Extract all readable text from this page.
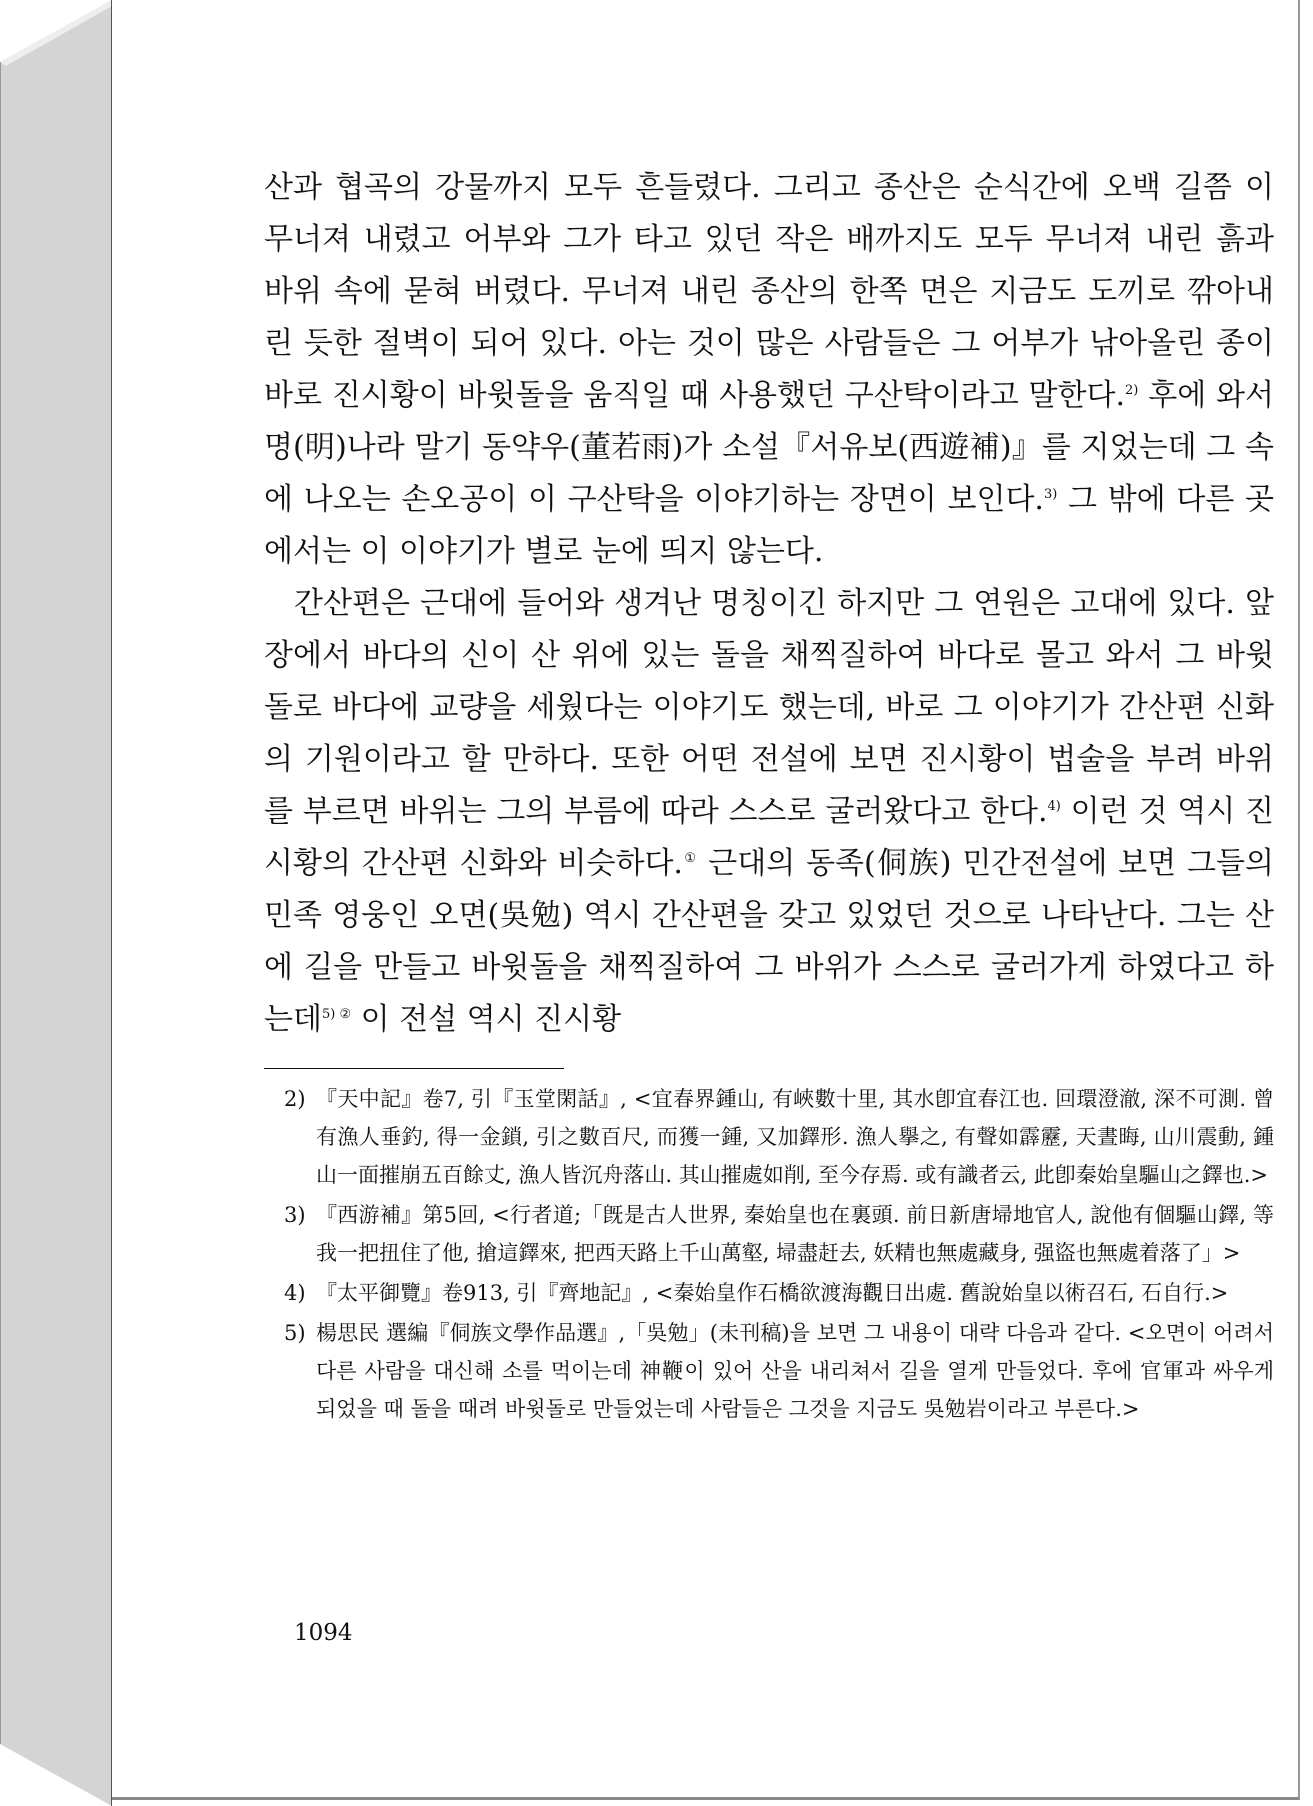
산과 협곡의 강물까지 모두 흔들렸다. 그리고 종산은 순식간에 오백 길쯤 이 무너져 내렸고 어부와 그가 타고 있던 작은 배까지도 모두 무너져 내린 흙과 바위 속에 묻혀 버렸다. 무너져 내린 종산의 한쪽 면은 지금도 도끼로 깎아내린 듯한 절벽이 되어 있다. 아는 것이 많은 사람들은 그 어부가 낚아올린 종이 바로 진시황이 바윗돌을 움직일 때 사용했던 구산탁이라고 말한다.$^{2)}$ 후에 와서 명(明)나라 말기 동약우(董若雨)가 소설『서유보(西遊補)』를 지었는데 그 속에 나오는 손오공이 이 구산탁을 이야기하는 장면이 보인다.$^{3)}$ 그 밖에 다른 곳에서는 이 이야기가 별로 눈에 띄지 않는다.

간산편은 근대에 들어와 생겨난 명칭이긴 하지만 그 연원은 고대에 있다. 앞장에서 바다의 신이 산 위에 있는 돌을 채찍질하여 바다로 몰고 와서 그 바윗돌로 바다에 교량을 세웠다는 이야기도 했는데, 바로 그 이야기가 간산편 신화의 기원이라고 할 만하다. 또한 어떤 전설에 보면 진시황이 법술을 부려 바위를 부르면 바위는 그의 부름에 따라 스스로 굴러왔다고 한다.$^{4)}$ 이런 것 역시 진시황의 간산편 신화와 비슷하다.① 근대의 동족(侗族) 민간전설에 보면 그들의 민족 영웅인 오면(吳勉) 역시 간산편을 갖고 있었던 것으로 나타난다. 그는 산에 길을 만들고 바윗돌을 채찍질하여 그 바위가 스스로 굴러가게 하였다고 하는데$^{5) ②}$ 이 전설 역시 진시황

2) 『天中記』卷7, 引『玉堂閑話』, <宜春界鍾山, 有峽數十里, 其水卽宜春江也. 回環澄澈, 深不可測. 曾有漁人垂釣, 得一金鎖, 引之數百尺, 而獲一鍾, 又加鐸形. 漁人擧之, 有聲如霹靂, 天晝晦, 山川震動, 鍾山一面摧崩五百餘丈, 漁人皆沉舟落山. 其山摧處如削, 至今存焉. 或有識者云, 此卽秦始皇驅山之鐸也.>
3) 『西游補』第5回, <行者道;「旣是古人世界, 秦始皇也在裏頭. 前日新唐埽地官人, 說他有個驅山鐸, 等我一把扭住了他, 搶這鐸來, 把西天路上千山萬壑, 埽盡赶去, 妖精也無處藏身, 强盜也無處着落了」>
4) 『太平御覽』卷913, 引『齊地記』, <秦始皇作石橋欲渡海觀日出處. 舊說始皇以術召石, 石自行.>
5) 楊思民 選編『侗族文學作品選』,「吳勉」(未刊稿)을 보면 그 내용이 대략 다음과 같다. <오면이 어려서 다른 사람을 대신해 소를 먹이는데 神鞭이 있어 산을 내리쳐서 길을 열게 만들었다. 후에 官軍과 싸우게 되었을 때 돌을 때려 바윗돌로 만들었는데 사람들은 그것을 지금도 吳勉岩이라고 부른다.>
1094
